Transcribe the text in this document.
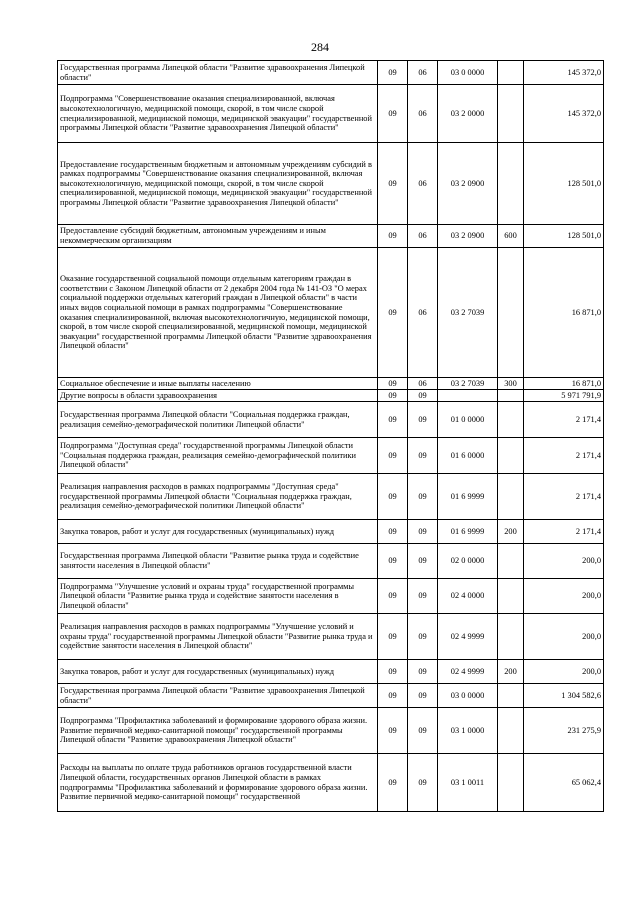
284
Государственная программа Липецкой области "Развитие здравоохранения Липецкой области"	09	06	03 0 0000		145 372,0
Подпрограмма "Совершенствование оказания специализированной, включая высокотехнологичную, медицинской помощи, скорой, в том числе скорой специализированной, медицинской помощи, медицинской эвакуации" государственной программы Липецкой области "Развитие здравоохранения Липецкой области"	09	06	03 2 0000		145 372,0
Предоставление государственным бюджетным и автономным учреждениям субсидий в рамках подпрограммы "Совершенствование оказания специализированной, включая высокотехнологичную, медицинской помощи, скорой, в том числе скорой специализированной, медицинской помощи, медицинской эвакуации" государственной программы Липецкой области "Развитие здравоохранения Липецкой области"	09	06	03 2 0900		128 501,0
Предоставление субсидий бюджетным, автономным учреждениям и иным некоммерческим организациям	09	06	03 2 0900	600	128 501,0
Оказание государственной социальной помощи отдельным категориям граждан в соответствии с Законом Липецкой области от 2 декабря 2004 года № 141-ОЗ "О мерах социальной поддержки отдельных категорий граждан в Липецкой области" в части иных видов социальной помощи в рамках подпрограммы "Совершенствование оказания специализированной, включая высокотехнологичную, медицинской помощи, скорой, в том числе скорой специализированной, медицинской помощи, медицинской эвакуации" государственной программы Липецкой области "Развитие здравоохранения Липецкой области"	09	06	03 2 7039		16 871,0
Социальное обеспечение и иные выплаты населению	09	06	03 2 7039	300	16 871,0
Другие вопросы в области здравоохранения	09	09			5 971 791,9
Государственная программа Липецкой области "Социальная поддержка граждан, реализация семейно-демографической политики Липецкой области"	09	09	01 0 0000		2 171,4
Подпрограмма "Доступная среда" государственной программы Липецкой области "Социальная поддержка граждан, реализация семейно-демографической политики Липецкой области"	09	09	01 6 0000		2 171,4
Реализация направления расходов в рамках подпрограммы "Доступная среда" государственной программы Липецкой области "Социальная поддержка граждан, реализация семейно-демографической политики Липецкой области"	09	09	01 6 9999		2 171,4
Закупка товаров, работ и услуг для государственных (муниципальных) нужд	09	09	01 6 9999	200	2 171,4
Государственная программа Липецкой области "Развитие рынка труда и содействие занятости населения в Липецкой области"	09	09	02 0 0000		200,0
Подпрограмма "Улучшение условий и охраны труда" государственной программы Липецкой области "Развитие рынка труда и содействие занятости населения в Липецкой области"	09	09	02 4 0000		200,0
Реализация направления расходов в рамках подпрограммы "Улучшение условий и охраны труда" государственной программы Липецкой области "Развитие рынка труда и содействие занятости населения в Липецкой области"	09	09	02 4 9999		200,0
Закупка товаров, работ и услуг для государственных (муниципальных) нужд	09	09	02 4 9999	200	200,0
Государственная программа Липецкой области "Развитие здравоохранения Липецкой области"	09	09	03 0 0000		1 304 582,6
Подпрограмма "Профилактика заболеваний и формирование здорового образа жизни. Развитие первичной медико-санитарной помощи" государственной программы Липецкой области "Развитие здравоохранения Липецкой области"	09	09	03 1 0000		231 275,9
Расходы на выплаты по оплате труда работников органов государственной власти Липецкой области, государственных органов Липецкой области в рамках подпрограммы "Профилактика заболеваний и формирование здорового образа жизни. Развитие первичной медико-санитарной помощи" государственной	09	09	03 1 0011		65 062,4
